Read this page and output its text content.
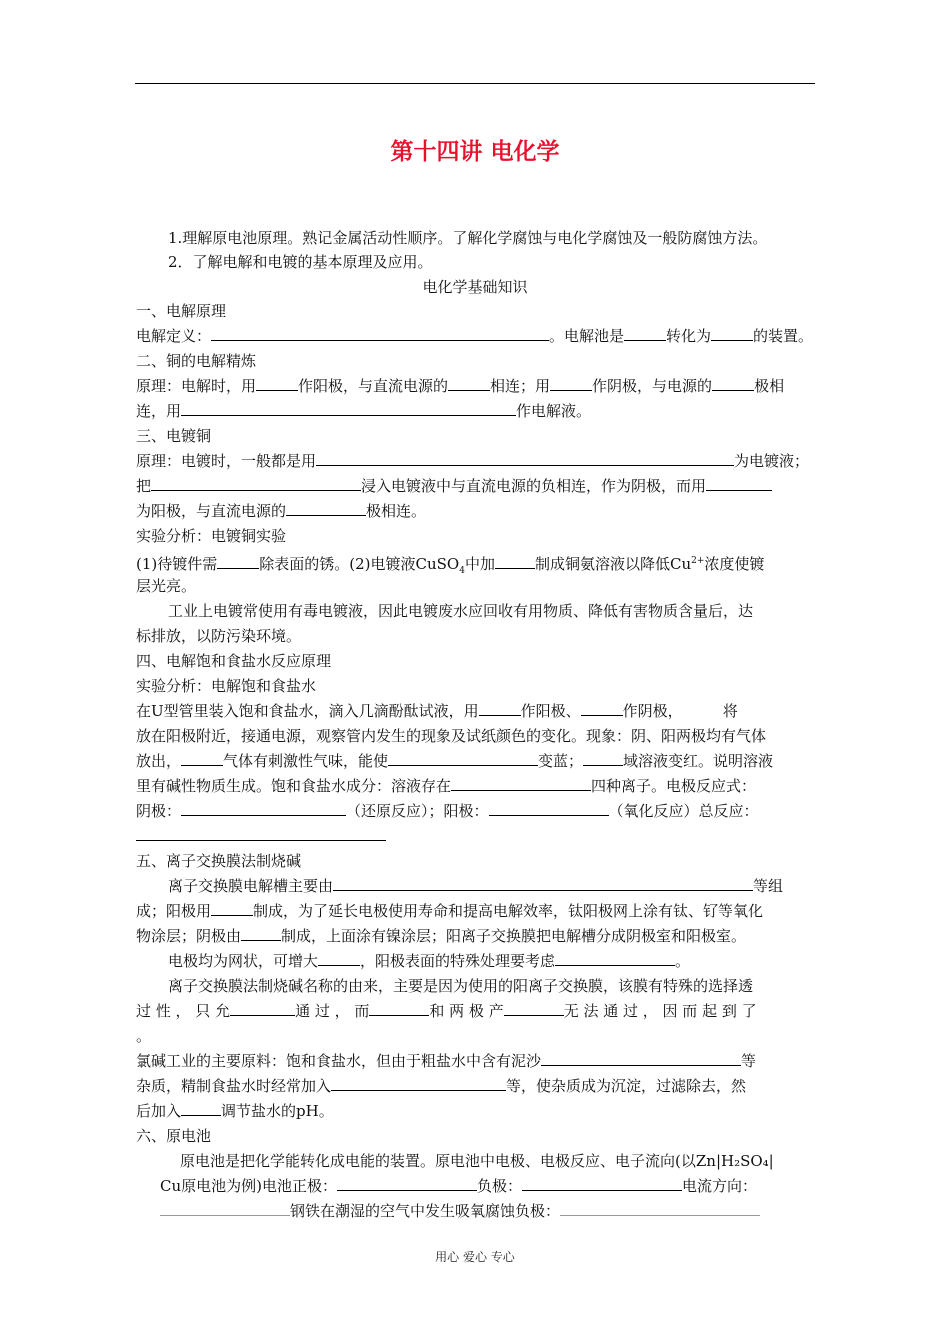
第十四讲 电化学
1.理解原电池原理。熟记金属活动性顺序。了解化学腐蚀与电化学腐蚀及一般防腐蚀方法。
2．了解电解和电镀的基本原理及应用。
电化学基础知识
一、电解原理
电解定义：	。电解池是	转化为	的装置。
二、铜的电解精炼
原理：电解时，用	作阳极，与直流电源的	相连；用	作阴极，与电源的	极相
连，用	作电解液。
三、电镀铜
原理：电镀时，一般都是用	为电镀液；
把	浸入电镀液中与直流电源的负相连，作为阴极，而用
为阳极，与直流电源的	极相连。
实验分析：电镀铜实验
(1)待镀件需	除表面的锈。(2)电镀液CuSO$_4$中加	制成铜氨溶液以降低$Cu^{2+}$浓度使镀
层光亮。
工业上电镀常使用有毒电镀液，因此电镀废水应回收有用物质、降低有害物质含量后，达
标排放，以防污染环境。
四、电解饱和食盐水反应原理
实验分析：电解饱和食盐水
在U型管里装入饱和食盐水，滴入几滴酚酞试液，用	作阳极、	作阴极，	将
放在阳极附近，接通电源，观察管内发生的现象及试纸颜色的变化。现象：阴、阳两极均有气体
放出，	气体有刺激性气味，能使	变蓝；	域溶液变红。说明溶液
里有碱性物质生成。饱和食盐水成分：溶液存在	四种离子。电极反应式：
阴极：	（还原反应）；阳极：	（氧化反应）总反应：
五、离子交换膜法制烧碱
离子交换膜电解槽主要由	等组
成；阳极用	制成，为了延长电极使用寿命和提高电解效率，钛阳极网上涂有钛、钌等氧化
物涂层；阴极由	制成，上面涂有镍涂层；阳离子交换膜把电解槽分成阴极室和阳极室。
电极均为网状，可增大	，阳极表面的特殊处理要考虑	。
离子交换膜法制烧碱名称的由来，主要是因为使用的阳离子交换膜，该膜有特殊的选择透
过 性 ， 只 允	通 过 ， 而	和 两 极 产	无 法 通 过 ， 因 而 起 到 了
。
氯碱工业的主要原料：饱和食盐水，但由于粗盐水中含有泥沙	等
杂质，精制食盐水时经常加入	等，使杂质成为沉淀，过滤除去，然
后加入	调节盐水的pH。
六、原电池
原电池是把化学能转化成电能的装置。原电池中电极、电极反应、电子流向(以Zn|H₂SO₄|
Cu原电池为例)电池正极：	负极：	电流方向：
钢铁在潮湿的空气中发生吸氧腐蚀负极：
用心 爱心 专心
